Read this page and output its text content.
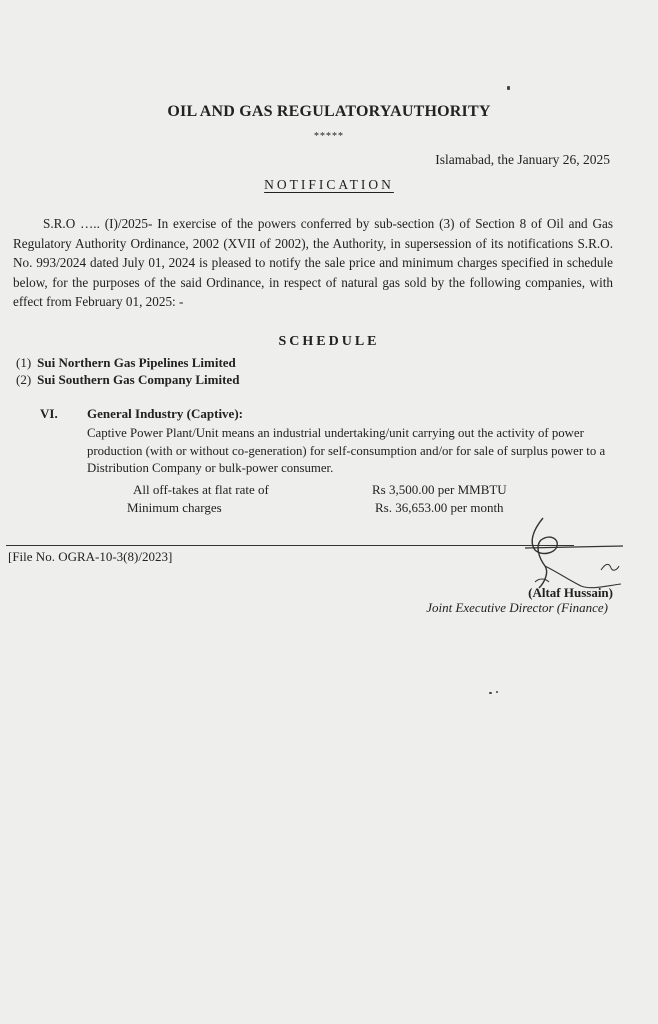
OIL AND GAS REGULATORYAUTHORITY
*****
Islamabad, the January 26, 2025
NOTIFICATION
S.R.O ….. (I)/2025- In exercise of the powers conferred by sub-section (3) of Section 8 of Oil and Gas Regulatory Authority Ordinance, 2002 (XVII of 2002), the Authority, in supersession of its notifications S.R.O. No. 993/2024 dated July 01, 2024 is pleased to notify the sale price and minimum charges specified in schedule below, for the purposes of the said Ordinance, in respect of natural gas sold by the following companies, with effect from February 01, 2025: -
SCHEDULE
(1) Sui Northern Gas Pipelines Limited
(2) Sui Southern Gas Company Limited
VI. General Industry (Captive):
Captive Power Plant/Unit means an industrial undertaking/unit carrying out the activity of power production (with or without co-generation) for self-consumption and/or for sale of surplus power to a Distribution Company or bulk-power consumer.
All off-takes at flat rate of	Rs 3,500.00 per MMBTU
Minimum charges	Rs. 36,653.00 per month
[File No. OGRA-10-3(8)/2023]
(Altaf Hussain)
Joint Executive Director (Finance)
